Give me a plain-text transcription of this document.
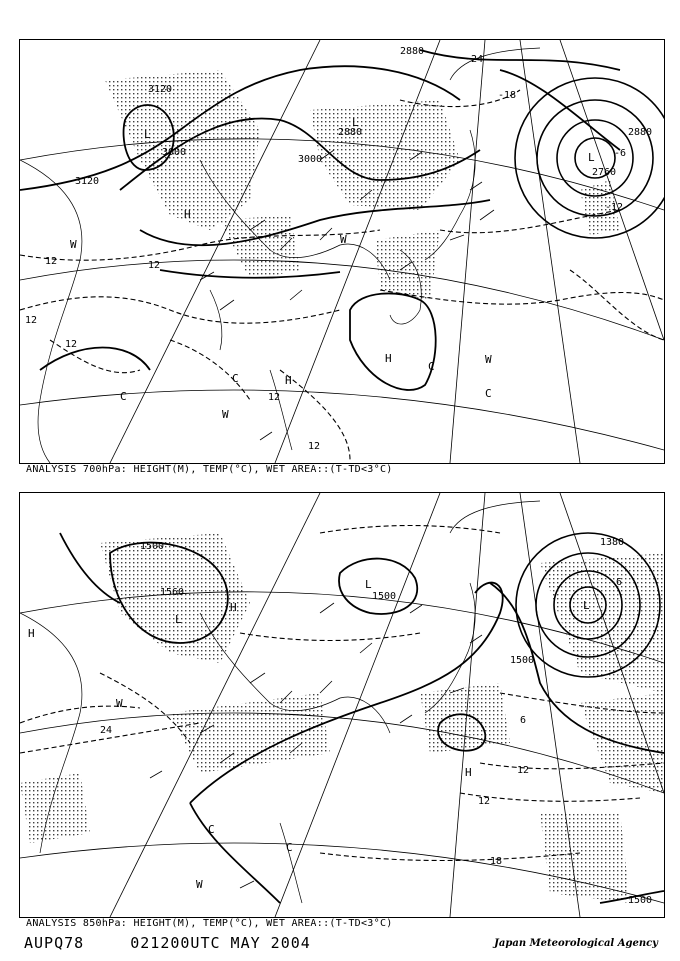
3120
3000
3120
3000
2880
2880	2880
2760
12	12
12
12
12
-24
-18
-12
-6
12
L
L
L
H
H
H
C
C
C
C
W	W
W
W
ANALYSIS 700hPa: HEIGHT(M), TEMP(°C), WET AREA::(T-TD<3°C)
1500
1560
1380
1500
1500
1500
24
12
12
18
6
-6
L
L
L
H
H
H
C
C
W
W
ANALYSIS 850hPa: HEIGHT(M), TEMP(°C), WET AREA::(T-TD<3°C)
AUPQ78	021200UTC MAY 2004	Japan Meteorological Agency
